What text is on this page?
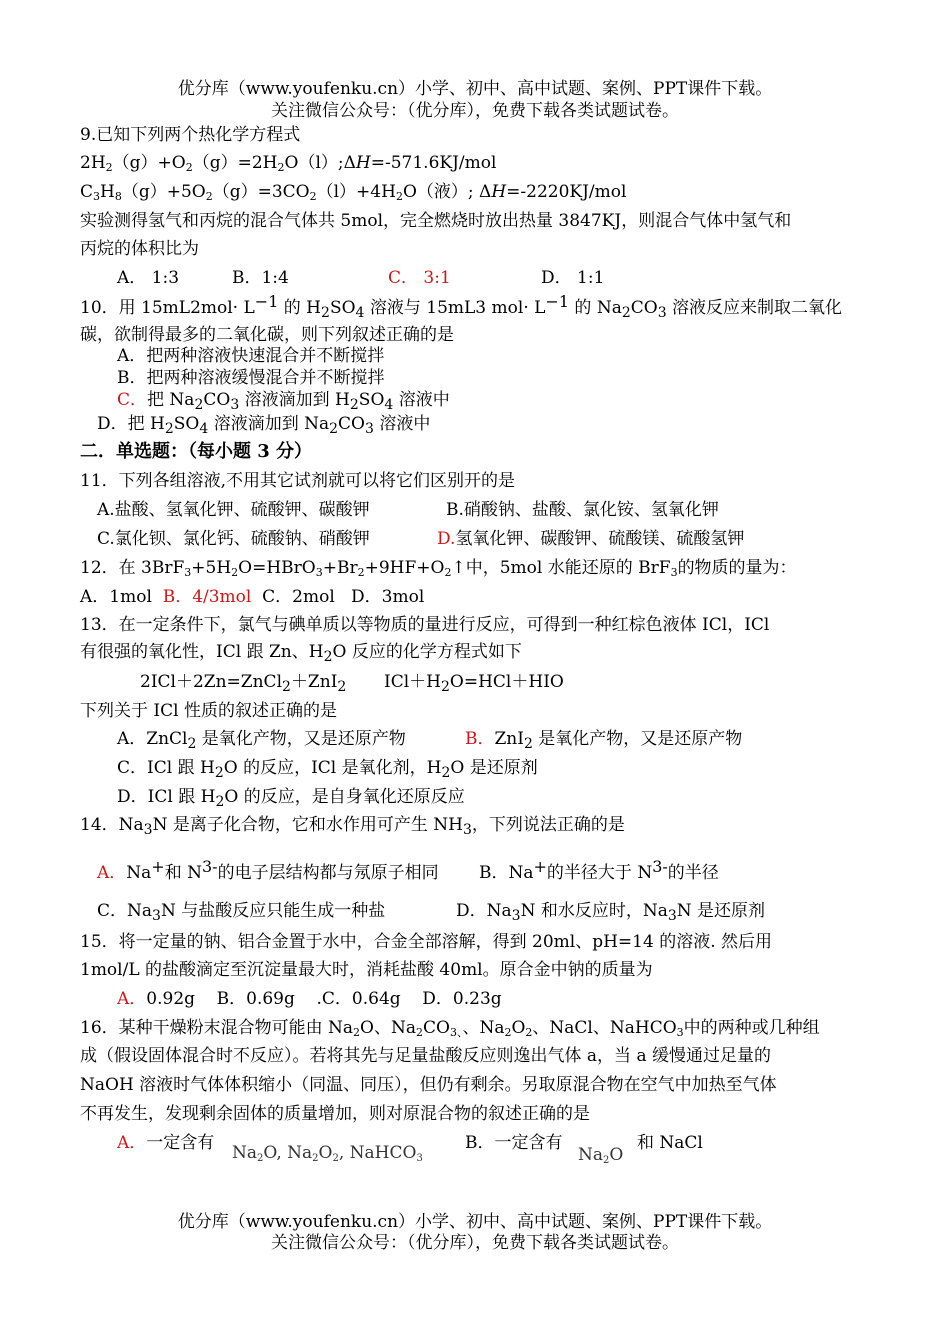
优分库（www.youfenku.cn）小学、初中、高中试题、案例、PPT课件下载。
关注微信公众号：（优分库），免费下载各类试题试卷。
9.已知下列两个热化学方程式
$2H_2(g)+O_2(g)=2H_2O(l);\Delta H=-571.6KJ$/mol
$C_3H_8(g)+5O_2(g)=3CO_2(l)+4H_2O$（液）; ΔH=-2220KJ/mol
实验测得氢气和丙烷的混合气体共 5mol，完全燃烧时放出热量 3847KJ，则混合气体中氢气和
丙烷的体积比为
A． 1:3	B．1:4	C． 3:1	D． 1:1
10．用 $15mL2mol\cdot L^{-1}$ 的 $H_2SO_4$ 溶液与 15mL3 $mol\cdot L^{-1}$ 的 $Na_2CO_3$ 溶液反应来制取二氧化
碳，欲制得最多的二氧化碳，则下列叙述正确的是
A．把两种溶液快速混合并不断搅拌
B．把两种溶液缓慢混合并不断搅拌
C．把 $Na_2CO_3$ 溶液滴加到 $H_2SO_4$ 溶液中
D．把 $H_2SO_4$ 溶液滴加到 $Na_2CO_3$ 溶液中
二．单选题：（每小题 3 分）
11．下列各组溶液,不用其它试剂就可以将它们区别开的是
A.盐酸、氢氧化钾、硫酸钾、碳酸钾	B.硝酸钠、盐酸、氯化铵、氢氧化钾
C.氯化钡、氯化钙、硫酸钠、硝酸钾	D.氢氧化钾、碳酸钾、硫酸镁、硫酸氢钾
12．在 $3BrF_3+5H_2O=HBrO_3+Br_2+9HF+O_2↑$中，5mol 水能还原的 BrF$_3$的物质的量为：
A．1mol B．4/3mol C．2mol D．3mol
13．在一定条件下，氯气与碘单质以等物质的量进行反应，可得到一种红棕色液体 ICl，ICl
有很强的氧化性，ICl 跟 Zn、$H_2O$ 反应的化学方程式如下
2ICl＋2Zn=ZnCl$_2$＋ZnI$_2$ $ICl+H_2O=HCl+HIO$
下列关于 ICl 性质的叙述正确的是
A．ZnCl$_2$ 是氧化产物，又是还原产物	B．ZnI$_2$ 是氧化产物，又是还原产物
C．ICl 跟 $H_2O$ 的反应，ICl 是氧化剂，$H_2O$ 是还原剂
D．ICl 跟 $H_2O$ 的反应，是自身氧化还原反应
14．$Na_3N$ 是离子化合物，它和水作用可产生 $NH_3$，下列说法正确的是
A．Na+和 $N^{3-}$的电子层结构都与氖原子相同 B．Na+的半径大于 $N^{3-}$的半径
C．$Na_3N$ 与盐酸反应只能生成一种盐	D．$Na_3N$ 和水反应时，$Na_3N$ 是还原剂
15．将一定量的钠、铝合金置于水中，合金全部溶解，得到 20ml、pH=14 的溶液. 然后用
1mol/L 的盐酸滴定至沉淀量最大时，消耗盐酸 40ml。原合金中钠的质量为
A．0.92g B．0.69g .C．0.64g D．0.23g
16．某种干燥粉末混合物可能由 $Na_2O$、$Na_2CO_{3、}$、$Na_2O_2$、NaCl、NaHCO$_3$中的两种或几种组
成（假设固体混合时不反应）。若将其先与足量盐酸反应则逸出气体 a，当 a 缓慢通过足量的
NaOH 溶液时气体体积缩小（同温、同压），但仍有剩余。另取原混合物在空气中加热至气体
不再发生，发现剩余固体的质量增加，则对原混合物的叙述正确的是
A．一定含有 $Na_2O$, $Na_2O_2$, NaHCO$_3$
B．一定含有
$Na_2O$
和 NaCl
优分库（www.youfenku.cn）小学、初中、高中试题、案例、PPT课件下载。
关注微信公众号：（优分库），免费下载各类试题试卷。
